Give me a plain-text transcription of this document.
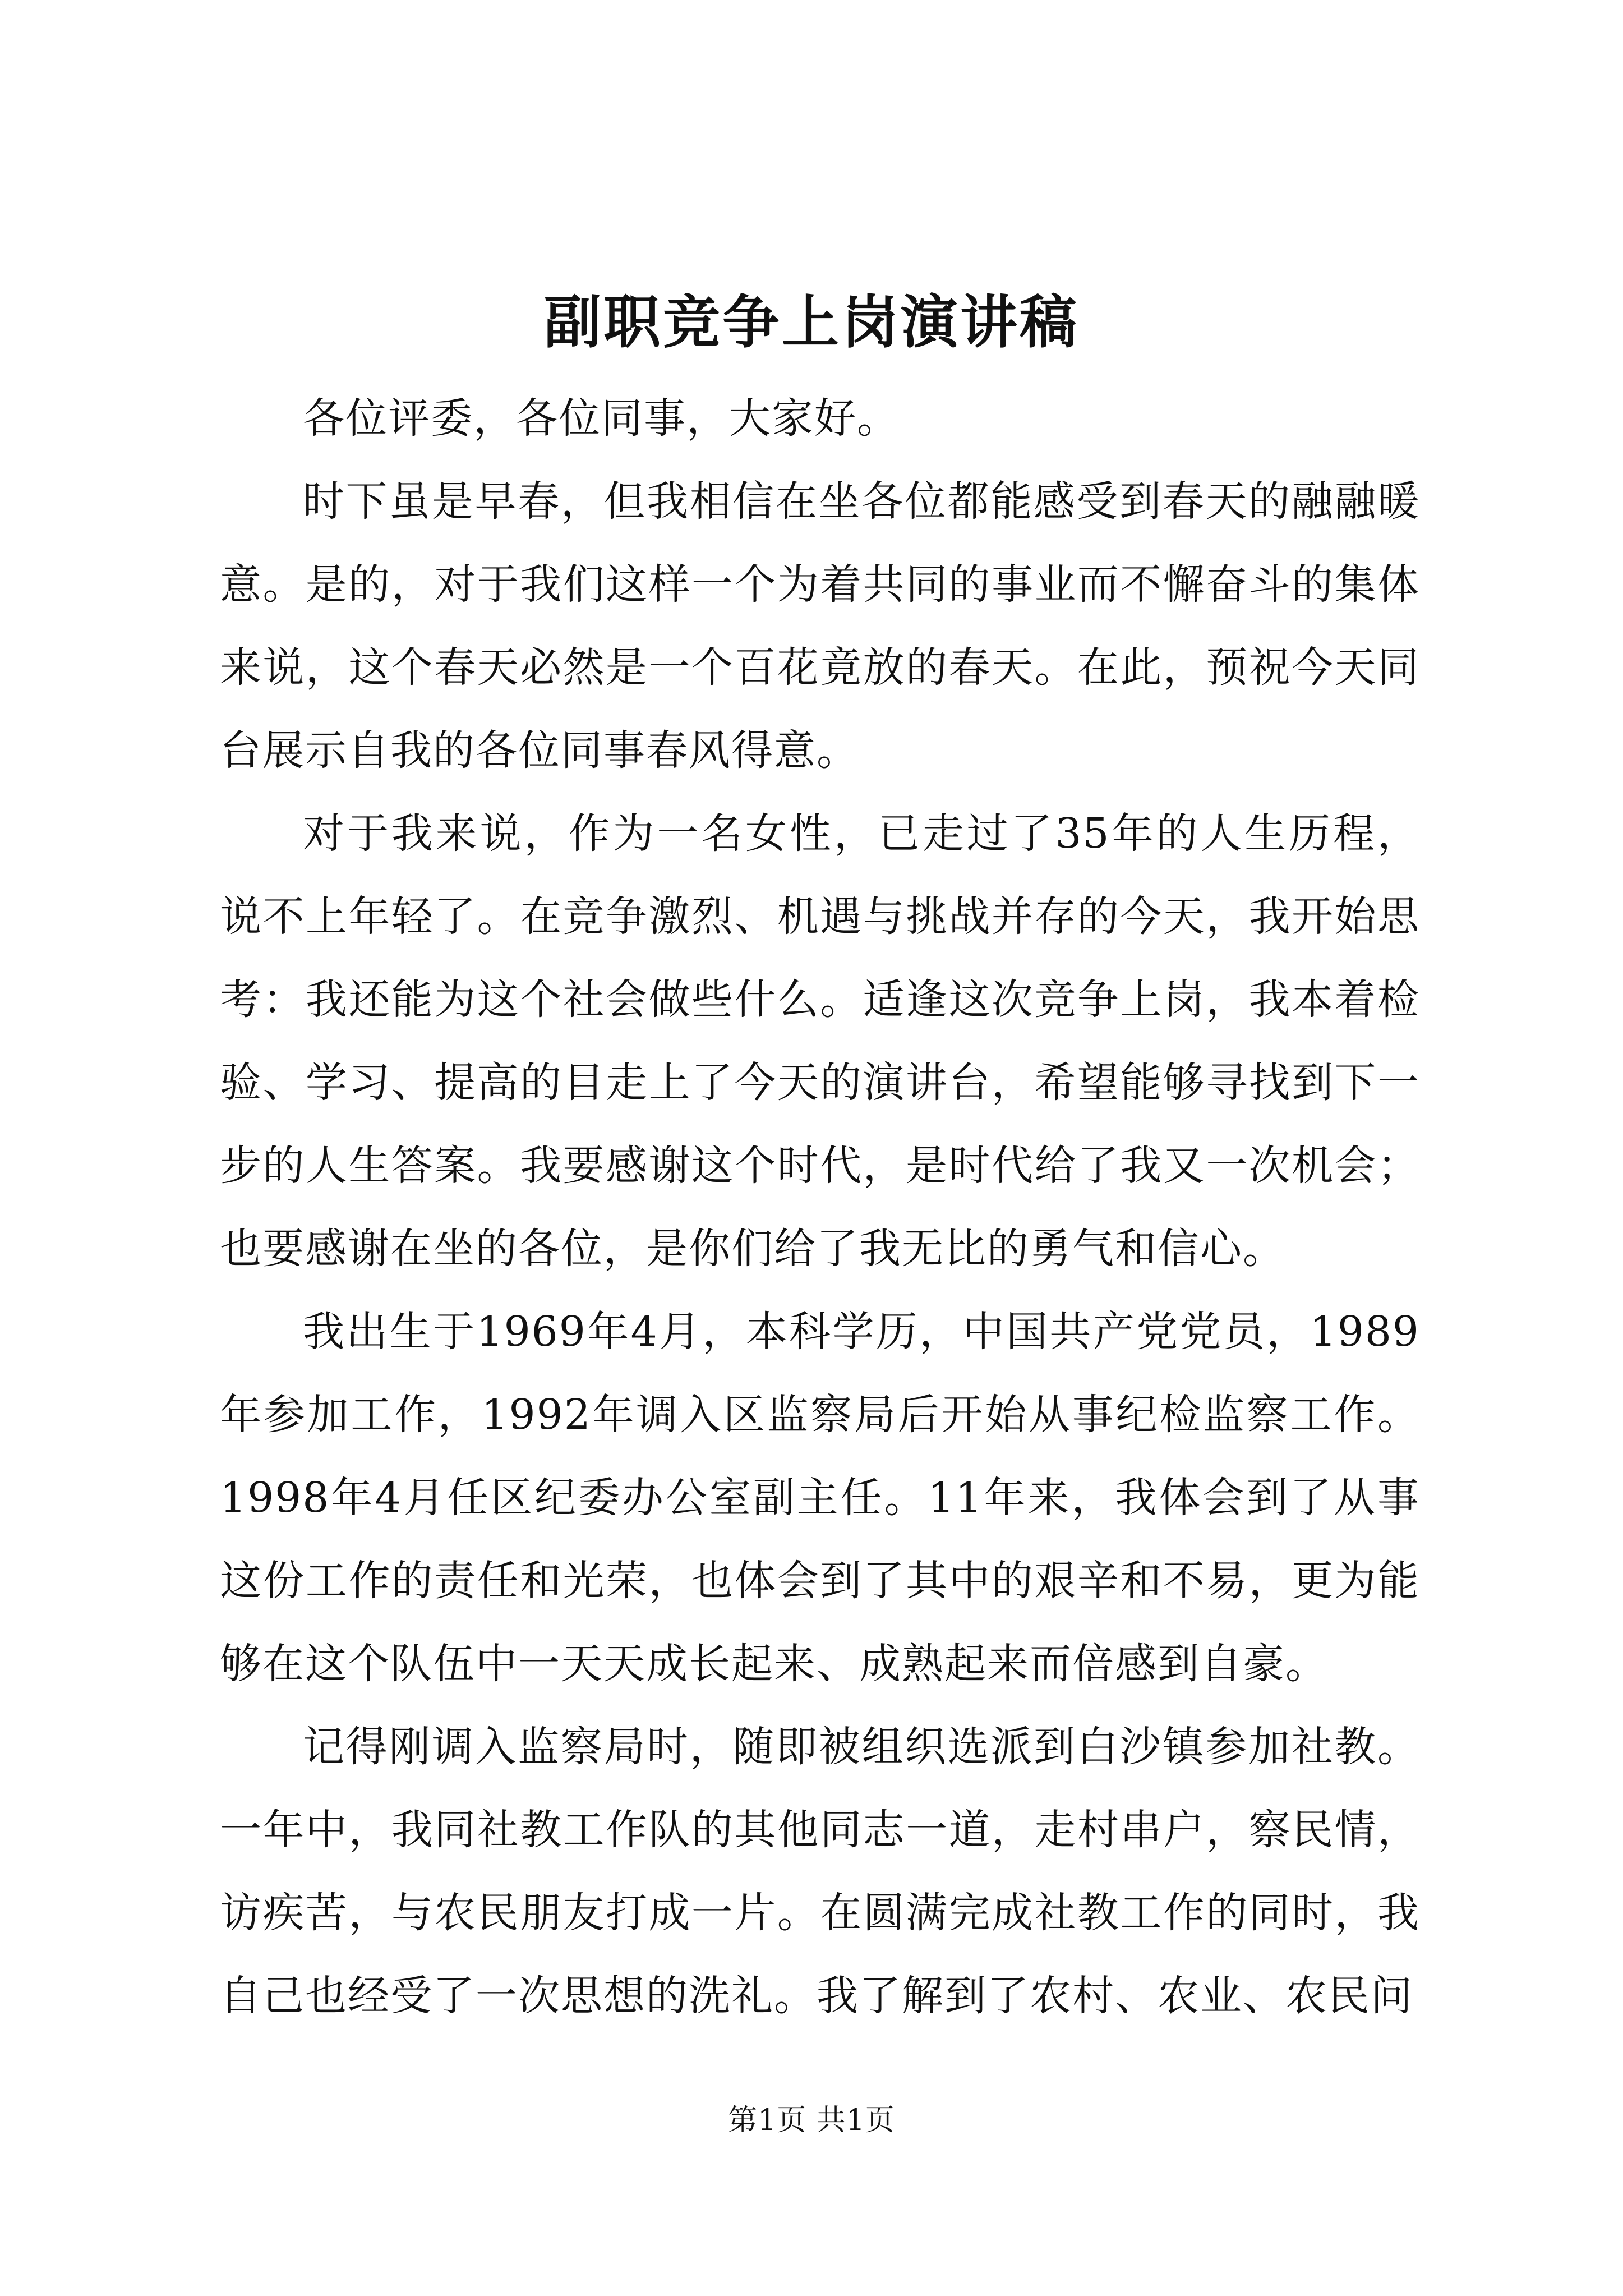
副职竞争上岗演讲稿

各位评委，各位同事，大家好。

时下虽是早春，但我相信在坐各位都能感受到春天的融融暖意。是的，对于我们这样一个为着共同的事业而不懈奋斗的集体来说，这个春天必然是一个百花竟放的春天。在此，预祝今天同台展示自我的各位同事春风得意。

对于我来说，作为一名女性，已走过了35年的人生历程，说不上年轻了。在竞争激烈、机遇与挑战并存的今天，我开始思考：我还能为这个社会做些什么。适逢这次竞争上岗，我本着检验、学习、提高的目走上了今天的演讲台，希望能够寻找到下一步的人生答案。我要感谢这个时代，是时代给了我又一次机会；也要感谢在坐的各位，是你们给了我无比的勇气和信心。

我出生于1969年4月，本科学历，中国共产党党员，1989年参加工作，1992年调入区监察局后开始从事纪检监察工作。1998年4月任区纪委办公室副主任。11年来，我体会到了从事这份工作的责任和光荣，也体会到了其中的艰辛和不易，更为能够在这个队伍中一天天成长起来、成熟起来而倍感到自豪。

记得刚调入监察局时，随即被组织选派到白沙镇参加社教。一年中，我同社教工作队的其他同志一道，走村串户，察民情，访疾苦，与农民朋友打成一片。在圆满完成社教工作的同时，我自己也经受了一次思想的洗礼。我了解到了农村、农业、农民问

第1页 共1页
